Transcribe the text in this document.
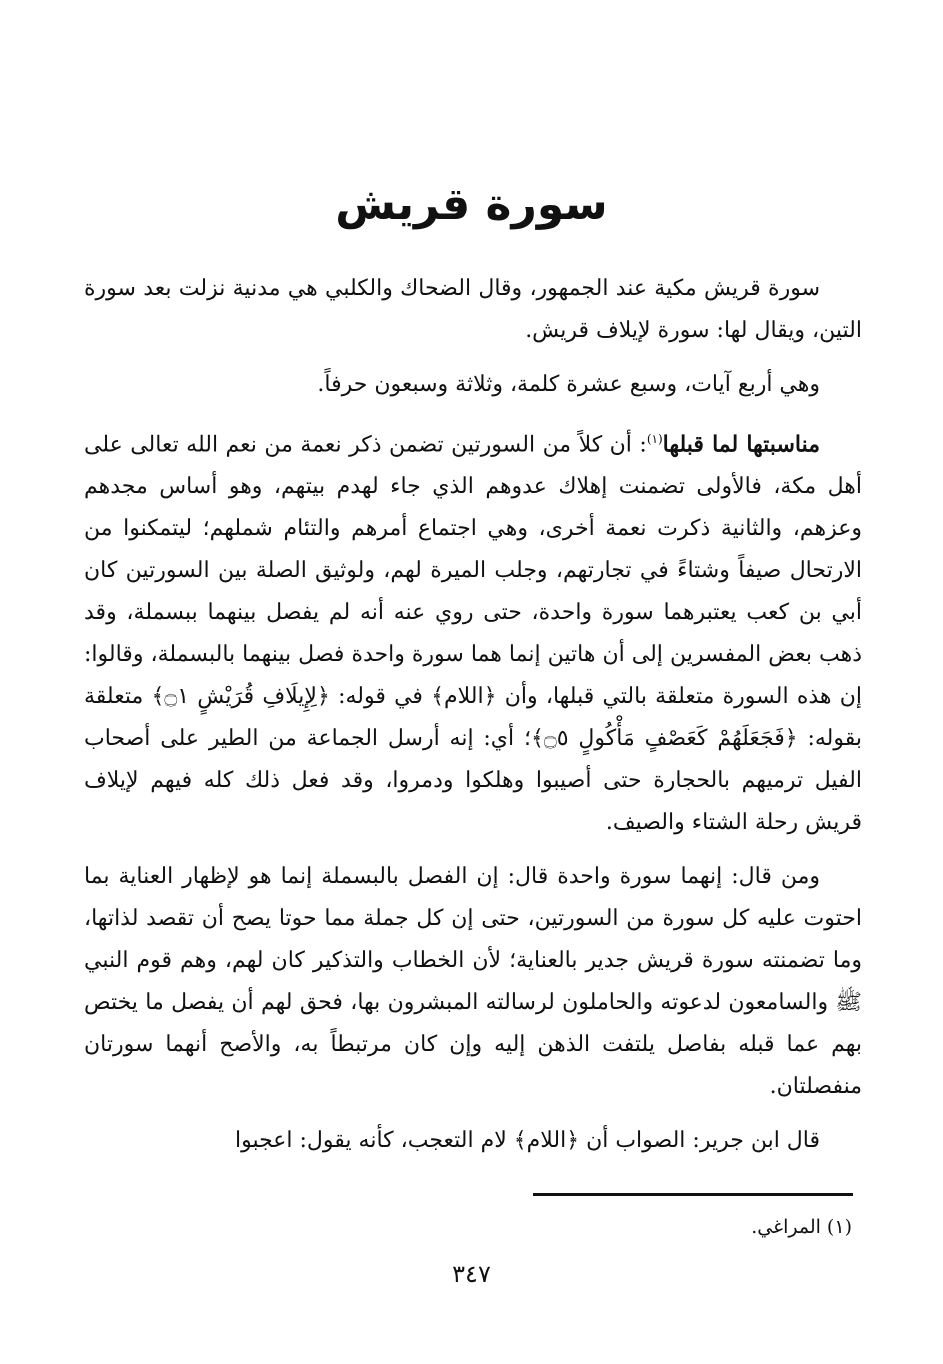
سورة قريش

سورة قريش مكية عند الجمهور، وقال الضحاك والكلبي هي مدنية نزلت بعد سورة التين، ويقال لها: سورة لإيلاف قريش.

وهي أربع آيات، وسبع عشرة كلمة، وثلاثة وسبعون حرفاً.

مناسبتها لما قبلها$^{(١)}$: أن كلاً من السورتين تضمن ذكر نعمة من نعم الله تعالى على أهل مكة، فالأولى تضمنت إهلاك عدوهم الذي جاء لهدم بيتهم، وهو أساس مجدهم وعزهم، والثانية ذكرت نعمة أخرى، وهي اجتماع أمرهم والتئام شملهم؛ ليتمكنوا من الارتحال صيفاً وشتاءً في تجارتهم، وجلب الميرة لهم، ولوثيق الصلة بين السورتين كان أبي بن كعب يعتبرهما سورة واحدة، حتى روي عنه أنه لم يفصل بينهما ببسملة، وقد ذهب بعض المفسرين إلى أن هاتين إنما هما سورة واحدة فصل بينهما بالبسملة، وقالوا: إن هذه السورة متعلقة بالتي قبلها، وأن ﴿اللام﴾ في قوله: ﴿لِإِيلَافِ قُرَيْشٍ ۝١﴾ متعلقة بقوله: ﴿فَجَعَلَهُمْ كَعَصْفٍ مَأْكُولٍ ۝٥﴾؛ أي: إنه أرسل الجماعة من الطير على أصحاب الفيل ترميهم بالحجارة حتى أصيبوا وهلكوا ودمروا، وقد فعل ذلك كله فيهم لإيلاف قريش رحلة الشتاء والصيف.

ومن قال: إنهما سورة واحدة قال: إن الفصل بالبسملة إنما هو لإظهار العناية بما احتوت عليه كل سورة من السورتين، حتى إن كل جملة مما حوتا يصح أن تقصد لذاتها، وما تضمنته سورة قريش جدير بالعناية؛ لأن الخطاب والتذكير كان لهم، وهم قوم النبي ﷺ والسامعون لدعوته والحاملون لرسالته المبشرون بها، فحق لهم أن يفصل ما يختص بهم عما قبله بفاصل يلتفت الذهن إليه وإن كان مرتبطاً به، والأصح أنهما سورتان منفصلتان.

قال ابن جرير: الصواب أن ﴿اللام﴾ لام التعجب، كأنه يقول: اعجبوا

(١) المراغي.
٣٤٧
